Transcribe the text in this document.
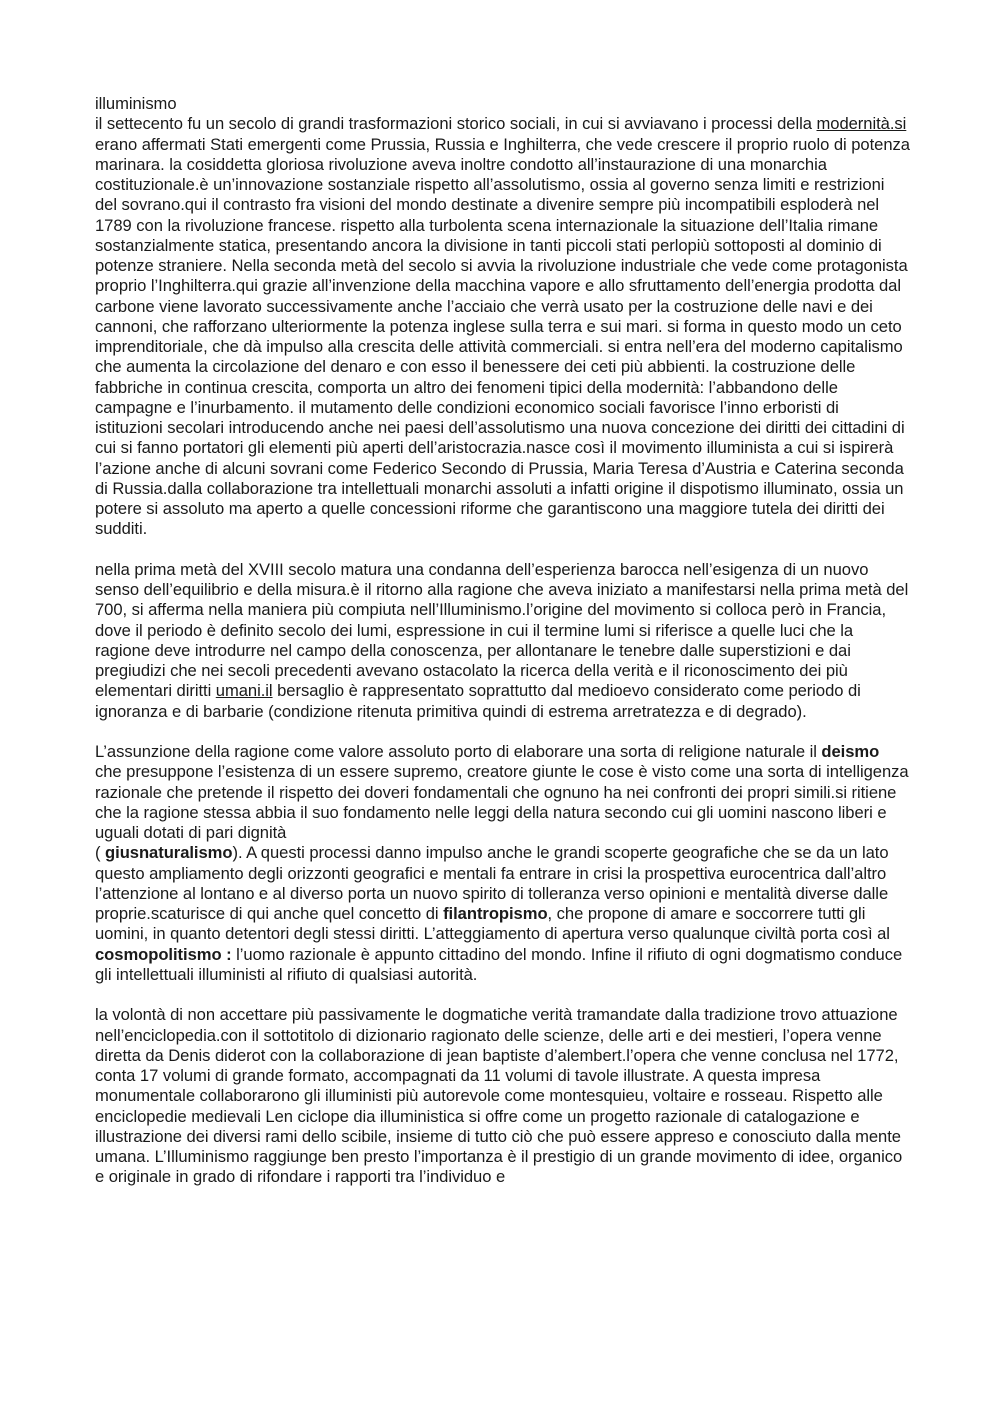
illuminismo

il settecento fu un secolo di grandi trasformazioni storico sociali, in cui si avviavano i processi della modernità.si erano affermati Stati emergenti come Prussia, Russia e Inghilterra, che vede crescere il proprio ruolo di potenza marinara. la cosiddetta gloriosa rivoluzione aveva inoltre condotto all’instaurazione di una monarchia costituzionale.è un’innovazione sostanziale rispetto all’assolutismo, ossia al governo senza limiti e restrizioni del sovrano.qui il contrasto fra visioni del mondo destinate a divenire sempre più incompatibili esploderà nel 1789 con la rivoluzione francese. rispetto alla turbolenta scena internazionale la situazione dell’Italia rimane sostanzialmente statica, presentando ancora la divisione in tanti piccoli stati perlopiù sottoposti al dominio di potenze straniere. Nella seconda metà del secolo si avvia la rivoluzione industriale che vede come protagonista proprio l’Inghilterra.qui grazie all’invenzione della macchina vapore e allo sfruttamento dell’energia prodotta dal carbone viene lavorato successivamente anche l’acciaio che verrà usato per la costruzione delle navi e dei cannoni, che rafforzano ulteriormente la potenza inglese sulla terra e sui mari. si forma in questo modo un ceto imprenditoriale, che dà impulso alla crescita delle attività commerciali. si entra nell’era del moderno capitalismo che aumenta la circolazione del denaro e con esso il benessere dei ceti più abbienti. la costruzione delle fabbriche in continua crescita, comporta un altro dei fenomeni tipici della modernità: l’abbandono delle campagne e l’inurbamento. il mutamento delle condizioni economico sociali favorisce l’inno erboristi di istituzioni secolari introducendo anche nei paesi dell’assolutismo una nuova concezione dei diritti dei cittadini di cui si fanno portatori gli elementi più aperti dell’aristocrazia.nasce così il movimento illuminista a cui si ispirerà l’azione anche di alcuni sovrani come Federico Secondo di Prussia, Maria Teresa d’Austria e Caterina seconda di Russia.dalla collaborazione tra intellettuali monarchi assoluti a infatti origine il dispotismo illuminato, ossia un potere si assoluto ma aperto a quelle concessioni riforme che garantiscono una maggiore tutela dei diritti dei sudditi.

nella prima metà del XVIII secolo matura una condanna dell’esperienza barocca nell’esigenza di un nuovo senso dell’equilibrio e della misura.è il ritorno alla ragione che aveva iniziato a manifestarsi nella prima metà del 700, si afferma nella maniera più compiuta nell’Illuminismo.l’origine del movimento si colloca però in Francia, dove il periodo è definito secolo dei lumi, espressione in cui il termine lumi si riferisce a quelle luci che la ragione deve introdurre nel campo della conoscenza, per allontanare le tenebre dalle superstizioni e dai pregiudizi che nei secoli precedenti avevano ostacolato la ricerca della verità e il riconoscimento dei più elementari diritti umani.il bersaglio è rappresentato soprattutto dal medioevo considerato come periodo di ignoranza e di barbarie (condizione ritenuta primitiva quindi di estrema arretratezza e di degrado).

L’assunzione della ragione come valore assoluto porto di elaborare una sorta di religione naturale il deismo che presuppone l’esistenza di un essere supremo, creatore giunte le cose è visto come una sorta di intelligenza razionale che pretende il rispetto dei doveri fondamentali che ognuno ha nei confronti dei propri simili.si ritiene che la ragione stessa abbia il suo fondamento nelle leggi della natura secondo cui gli uomini nascono liberi e uguali dotati di pari dignità
( giusnaturalismo). A questi processi danno impulso anche le grandi scoperte geografiche che se da un lato questo ampliamento degli orizzonti geografici e mentali fa entrare in crisi la prospettiva eurocentrica dall’altro l’attenzione al lontano e al diverso porta un nuovo spirito di tolleranza verso opinioni e mentalità diverse dalle proprie.scaturisce di qui anche quel concetto di filantropismo, che propone di amare e soccorrere tutti gli uomini, in quanto detentori degli stessi diritti. L’atteggiamento di apertura verso qualunque civiltà porta così al cosmopolitismo : l’uomo razionale è appunto cittadino del mondo. Infine il rifiuto di ogni dogmatismo conduce gli intellettuali illuministi al rifiuto di qualsiasi autorità.

la volontà di non accettare più passivamente le dogmatiche verità tramandate dalla tradizione trovo attuazione nell’enciclopedia.con il sottotitolo di dizionario ragionato delle scienze, delle arti e dei mestieri, l’opera venne diretta da Denis diderot con la collaborazione di jean baptiste d’alembert.l’opera che venne conclusa nel 1772, conta 17 volumi di grande formato, accompagnati da 11 volumi di tavole illustrate. A questa impresa monumentale collaborarono gli illuministi più autorevole come montesquieu, voltaire e rosseau. Rispetto alle enciclopedie medievali Len ciclope dia illuministica si offre come un progetto razionale di catalogazione e illustrazione dei diversi rami dello scibile, insieme di tutto ciò che può essere appreso e conosciuto dalla mente umana. L’Illuminismo raggiunge ben presto l’importanza è il prestigio di un grande movimento di idee, organico e originale in grado di rifondare i rapporti tra l’individuo e
